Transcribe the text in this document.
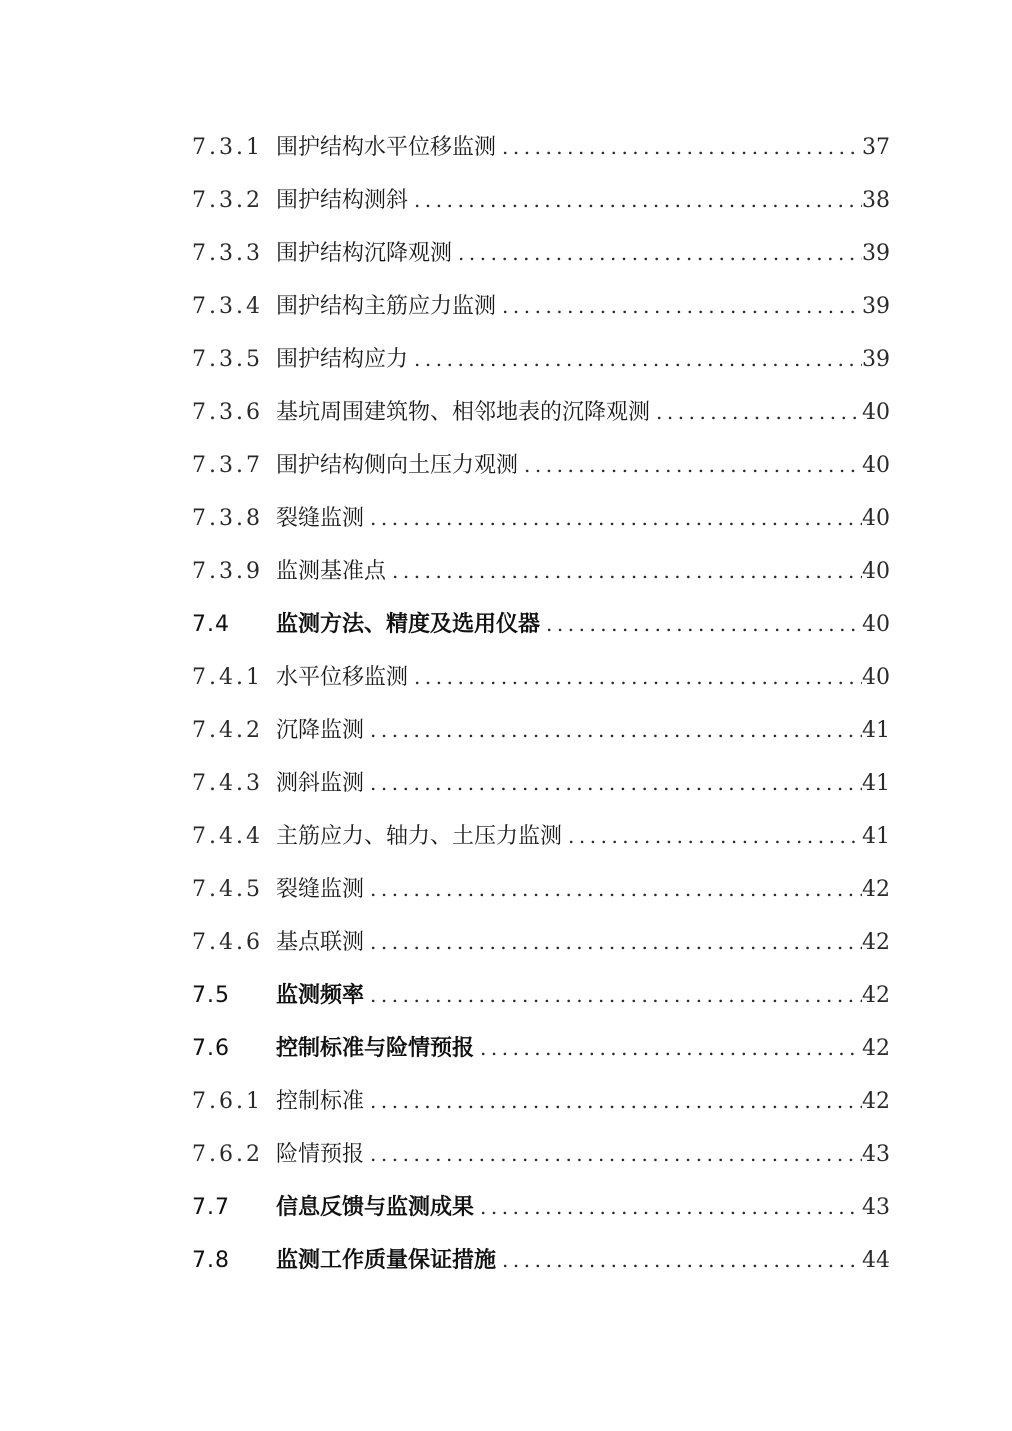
7.3.1 围护结构水平位移监测 .....	37
7.3.2 围护结构测斜 .....	38
7.3.3 围护结构沉降观测 .....	39
7.3.4 围护结构主筋应力监测 .....	39
7.3.5 围护结构应力 .....	39
7.3.6 基坑周围建筑物、相邻地表的沉降观测 .....	40
7.3.7 围护结构侧向土压力观测 .....	40
7.3.8 裂缝监测 .....	40
7.3.9 监测基准点 .....	40
7.4	监测方法、精度及选用仪器 .....	40
7.4.1 水平位移监测 .....	40
7.4.2 沉降监测 .....	41
7.4.3 测斜监测 .....	41
7.4.4 主筋应力、轴力、土压力监测 .....	41
7.4.5 裂缝监测 .....	42
7.4.6 基点联测 .....	42
7.5	监测频率 .....	42
7.6	控制标准与险情预报 .....	42
7.6.1 控制标准 .....	42
7.6.2 险情预报 .....	43
7.7	信息反馈与监测成果 .....	43
7.8	监测工作质量保证措施 .....	44
